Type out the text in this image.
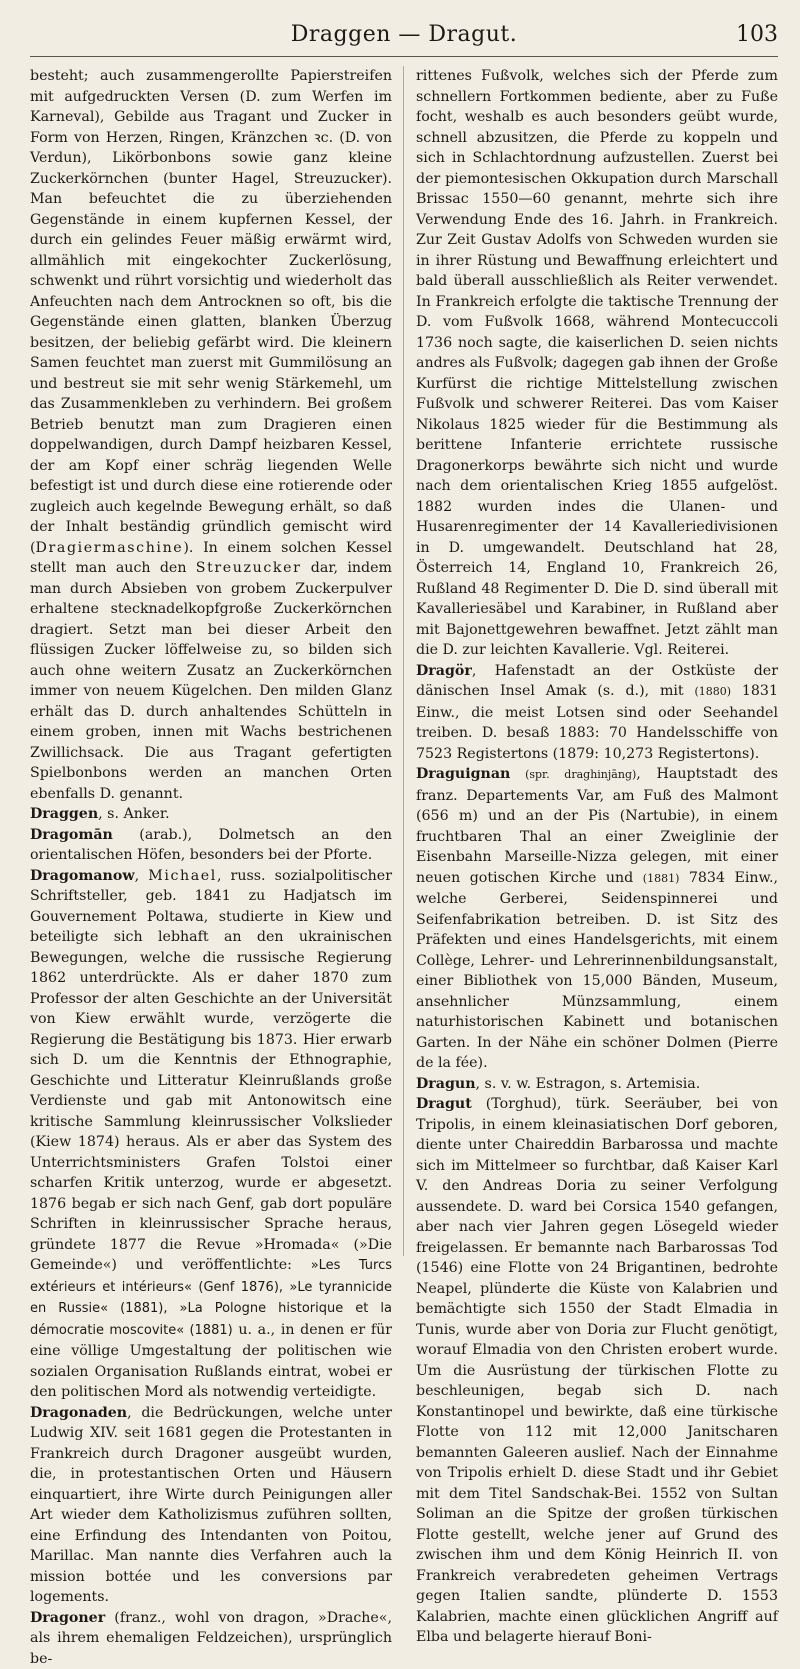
Draggen — Dragut.	103

besteht; auch zusammengerollte Papierstreifen mit aufgedruckten Versen (D. zum Werfen im Karneval), Gebilde aus Tragant und Zucker in Form von Herzen, Ringen, Kränzchen ꝛc. (D. von Verdun), Likörbonbons sowie ganz kleine Zuckerkörnchen (bunter Hagel, Streuzucker). Man befeuchtet die zu überziehenden Gegenstände in einem kupfernen Kessel, der durch ein gelindes Feuer mäßig erwärmt wird, allmählich mit eingekochter Zuckerlösung, schwenkt und rührt vorsichtig und wiederholt das Anfeuchten nach dem Antrocknen so oft, bis die Gegenstände einen glatten, blanken Überzug besitzen, der beliebig gefärbt wird. Die kleinern Samen feuchtet man zuerst mit Gummilösung an und bestreut sie mit sehr wenig Stärkemehl, um das Zusammenkleben zu verhindern. Bei großem Betrieb benutzt man zum Dragieren einen doppelwandigen, durch Dampf heizbaren Kessel, der am Kopf einer schräg liegenden Welle befestigt ist und durch diese eine rotierende oder zugleich auch kegelnde Bewegung erhält, so daß der Inhalt beständig gründlich gemischt wird (Dragiermaschine). In einem solchen Kessel stellt man auch den Streuzucker dar, indem man durch Absieben von grobem Zuckerpulver erhaltene stecknadelkopfgroße Zuckerkörnchen dragiert. Setzt man bei dieser Arbeit den flüssigen Zucker löffelweise zu, so bilden sich auch ohne weitern Zusatz an Zuckerkörnchen immer von neuem Kügelchen. Den milden Glanz erhält das D. durch anhaltendes Schütteln in einem groben, innen mit Wachs bestrichenen Zwillichsack. Die aus Tragant gefertigten Spielbonbons werden an manchen Orten ebenfalls D. genannt.

Draggen, s. Anker.

Dragomān (arab.), Dolmetsch an den orientalischen Höfen, besonders bei der Pforte.

Dragomanow, Michael, russ. sozialpolitischer Schriftsteller, geb. 1841 zu Hadjatsch im Gouvernement Poltawa, studierte in Kiew und beteiligte sich lebhaft an den ukrainischen Bewegungen, welche die russische Regierung 1862 unterdrückte. Als er daher 1870 zum Professor der alten Geschichte an der Universität von Kiew erwählt wurde, verzögerte die Regierung die Bestätigung bis 1873. Hier erwarb sich D. um die Kenntnis der Ethnographie, Geschichte und Litteratur Kleinrußlands große Verdienste und gab mit Antonowitsch eine kritische Sammlung kleinrussischer Volkslieder (Kiew 1874) heraus. Als er aber das System des Unterrichtsministers Grafen Tolstoi einer scharfen Kritik unterzog, wurde er abgesetzt. 1876 begab er sich nach Genf, gab dort populäre Schriften in kleinrussischer Sprache heraus, gründete 1877 die Revue »Hromada« (»Die Gemeinde«) und veröffentlichte: »Les Turcs extérieurs et intérieurs« (Genf 1876), »Le tyrannicide en Russie« (1881), »La Pologne historique et la démocratie moscovite« (1881) u. a., in denen er für eine völlige Umgestaltung der politischen wie sozialen Organisation Rußlands eintrat, wobei er den politischen Mord als notwendig verteidigte.

Dragonaden, die Bedrückungen, welche unter Ludwig XIV. seit 1681 gegen die Protestanten in Frankreich durch Dragoner ausgeübt wurden, die, in protestantischen Orten und Häusern einquartiert, ihre Wirte durch Peinigungen aller Art wieder dem Katholizismus zuführen sollten, eine Erfindung des Intendanten von Poitou, Marillac. Man nannte dies Verfahren auch la mission bottée und les conversions par logements.

Dragoner (franz., wohl von dragon, »Drache«, als ihrem ehemaligen Feldzeichen), ursprünglich be-

rittenes Fußvolk, welches sich der Pferde zum schnellern Fortkommen bediente, aber zu Fuße focht, weshalb es auch besonders geübt wurde, schnell abzusitzen, die Pferde zu koppeln und sich in Schlachtordnung aufzustellen. Zuerst bei der piemontesischen Okkupation durch Marschall Brissac 1550—60 genannt, mehrte sich ihre Verwendung Ende des 16. Jahrh. in Frankreich. Zur Zeit Gustav Adolfs von Schweden wurden sie in ihrer Rüstung und Bewaffnung erleichtert und bald überall ausschließlich als Reiter verwendet. In Frankreich erfolgte die taktische Trennung der D. vom Fußvolk 1668, während Montecuccoli 1736 noch sagte, die kaiserlichen D. seien nichts andres als Fußvolk; dagegen gab ihnen der Große Kurfürst die richtige Mittelstellung zwischen Fußvolk und schwerer Reiterei. Das vom Kaiser Nikolaus 1825 wieder für die Bestimmung als berittene Infanterie errichtete russische Dragonerkorps bewährte sich nicht und wurde nach dem orientalischen Krieg 1855 aufgelöst. 1882 wurden indes die Ulanen- und Husarenregimenter der 14 Kavalleriedivisionen in D. umgewandelt. Deutschland hat 28, Österreich 14, England 10, Frankreich 26, Rußland 48 Regimenter D. Die D. sind überall mit Kavalleriesäbel und Karabiner, in Rußland aber mit Bajonettgewehren bewaffnet. Jetzt zählt man die D. zur leichten Kavallerie. Vgl. Reiterei.

Dragör, Hafenstadt an der Ostküste der dänischen Insel Amak (s. d.), mit (1880) 1831 Einw., die meist Lotsen sind oder Seehandel treiben. D. besaß 1883: 70 Handelsschiffe von 7523 Registertons (1879: 10,273 Registertons).

Draguignan (spr. draghinjāng), Hauptstadt des franz. Departements Var, am Fuß des Malmont (656 m) und an der Pis (Nartubie), in einem fruchtbaren Thal an einer Zweiglinie der Eisenbahn Marseille-Nizza gelegen, mit einer neuen gotischen Kirche und (1881) 7834 Einw., welche Gerberei, Seidenspinnerei und Seifenfabrikation betreiben. D. ist Sitz des Präfekten und eines Handelsgerichts, mit einem Collège, Lehrer- und Lehrerinnenbildungsanstalt, einer Bibliothek von 15,000 Bänden, Museum, ansehnlicher Münzsammlung, einem naturhistorischen Kabinett und botanischen Garten. In der Nähe ein schöner Dolmen (Pierre de la fée).

Dragun, s. v. w. Estragon, s. Artemisia.

Dragut (Torghud), türk. Seeräuber, bei von Tripolis, in einem kleinasiatischen Dorf geboren, diente unter Chaireddin Barbarossa und machte sich im Mittelmeer so furchtbar, daß Kaiser Karl V. den Andreas Doria zu seiner Verfolgung aussendete. D. ward bei Corsica 1540 gefangen, aber nach vier Jahren gegen Lösegeld wieder freigelassen. Er bemannte nach Barbarossas Tod (1546) eine Flotte von 24 Brigantinen, bedrohte Neapel, plünderte die Küste von Kalabrien und bemächtigte sich 1550 der Stadt Elmadia in Tunis, wurde aber von Doria zur Flucht genötigt, worauf Elmadia von den Christen erobert wurde. Um die Ausrüstung der türkischen Flotte zu beschleunigen, begab sich D. nach Konstantinopel und bewirkte, daß eine türkische Flotte von 112 mit 12,000 Janitscharen bemannten Galeeren auslief. Nach der Einnahme von Tripolis erhielt D. diese Stadt und ihr Gebiet mit dem Titel Sandschak-Bei. 1552 von Sultan Soliman an die Spitze der großen türkischen Flotte gestellt, welche jener auf Grund des zwischen ihm und dem König Heinrich II. von Frankreich verabredeten geheimen Vertrags gegen Italien sandte, plünderte D. 1553 Kalabrien, machte einen glücklichen Angriff auf Elba und belagerte hierauf Boni-
